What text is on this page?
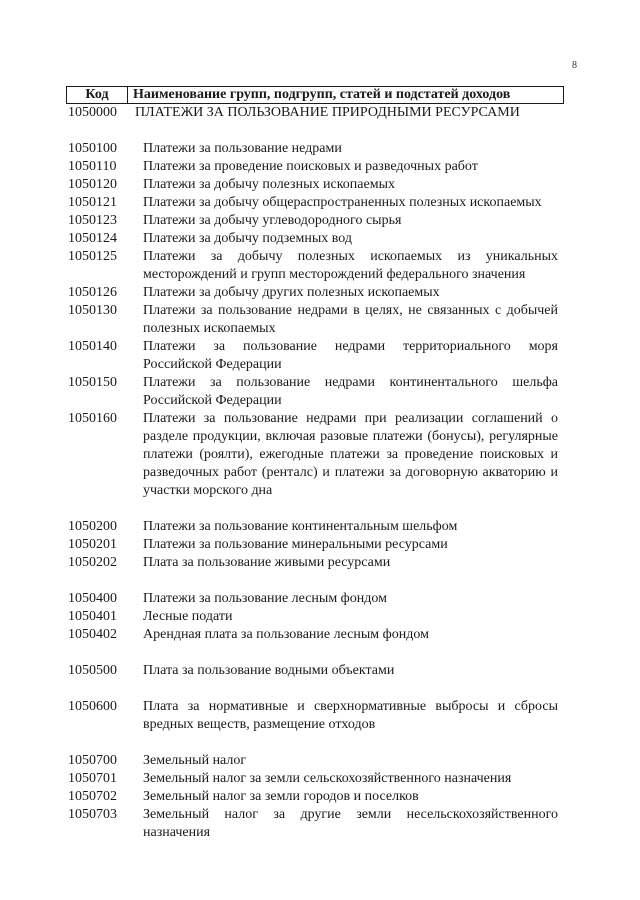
8
Код	Наименование групп, подгрупп, статей и подстатей доходов
1050000	ПЛАТЕЖИ ЗА ПОЛЬЗОВАНИЕ ПРИРОДНЫМИ РЕСУРСАМИ
1050100	Платежи за пользование недрами
1050110	Платежи за проведение поисковых и разведочных работ
1050120	Платежи за добычу полезных ископаемых
1050121	Платежи за добычу общераспространенных полезных ископаемых
1050123	Платежи за добычу углеводородного сырья
1050124	Платежи за добычу подземных вод
1050125	Платежи за добычу полезных ископаемых из уникальных месторождений и групп месторождений федерального значения
1050126	Платежи за добычу других полезных ископаемых
1050130	Платежи за пользование недрами в целях, не связанных с добычей полезных ископаемых
1050140	Платежи за пользование недрами территориального моря Российской Федерации
1050150	Платежи за пользование недрами континентального шельфа Российской Федерации
1050160	Платежи за пользование недрами при реализации соглашений о разделе продукции, включая разовые платежи (бонусы), регулярные платежи (роялти), ежегодные платежи за проведение поисковых и разведочных работ (ренталс) и платежи за договорную акваторию и участки морского дна
1050200	Платежи за пользование континентальным шельфом
1050201	Платежи за пользование минеральными ресурсами
1050202	Плата за пользование живыми ресурсами
1050400	Платежи за пользование лесным фондом
1050401	Лесные подати
1050402	Арендная плата за пользование лесным фондом
1050500	Плата за пользование водными объектами
1050600	Плата за нормативные и сверхнормативные выбросы и сбросы вредных веществ, размещение отходов
1050700	Земельный налог
1050701	Земельный налог за земли сельскохозяйственного назначения
1050702	Земельный налог за земли городов и поселков
1050703	Земельный налог за другие земли несельскохозяйственного назначения
